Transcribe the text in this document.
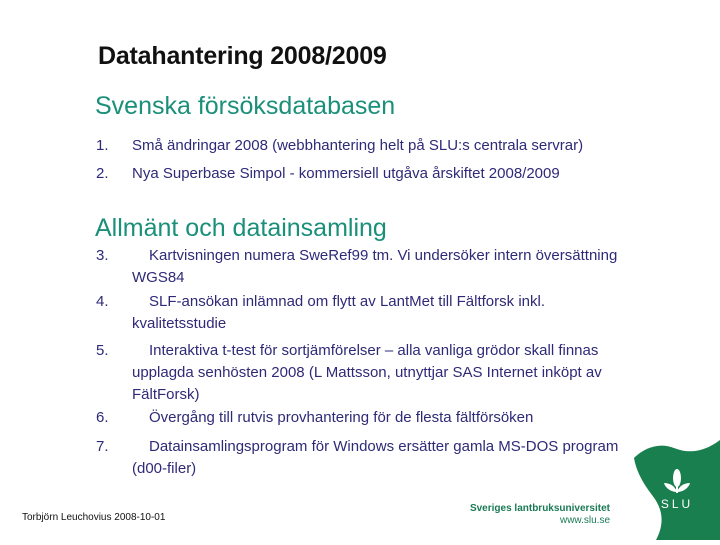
Datahantering 2008/2009
Svenska försöksdatabasen
1. Små ändringar 2008 (webbhantering helt på SLU:s centrala servrar)
2. Nya Superbase Simpol - kommersiell utgåva årskiftet 2008/2009
Allmänt och datainsamling
3.	Kartvisningen numera SweRef99 tm. Vi undersöker intern översättning WGS84
4.	SLF-ansökan inlämnad om flytt av LantMet till Fältforsk inkl. kvalitetsstudie
5.	Interaktiva t-test för sortjämförelser – alla vanliga grödor skall finnas upplagda senhösten 2008 (L Mattsson, utnyttjar SAS Internet inköpt av FältForsk)
6.	Övergång till rutvis provhantering för de flesta fältförsöken
7.	Datainsamlingsprogram för Windows ersätter gamla MS-DOS program (d00-filer)
Torbjörn Leuchovius 2008-10-01
Sveriges lantbruksuniversitet
www.slu.se
SLU
